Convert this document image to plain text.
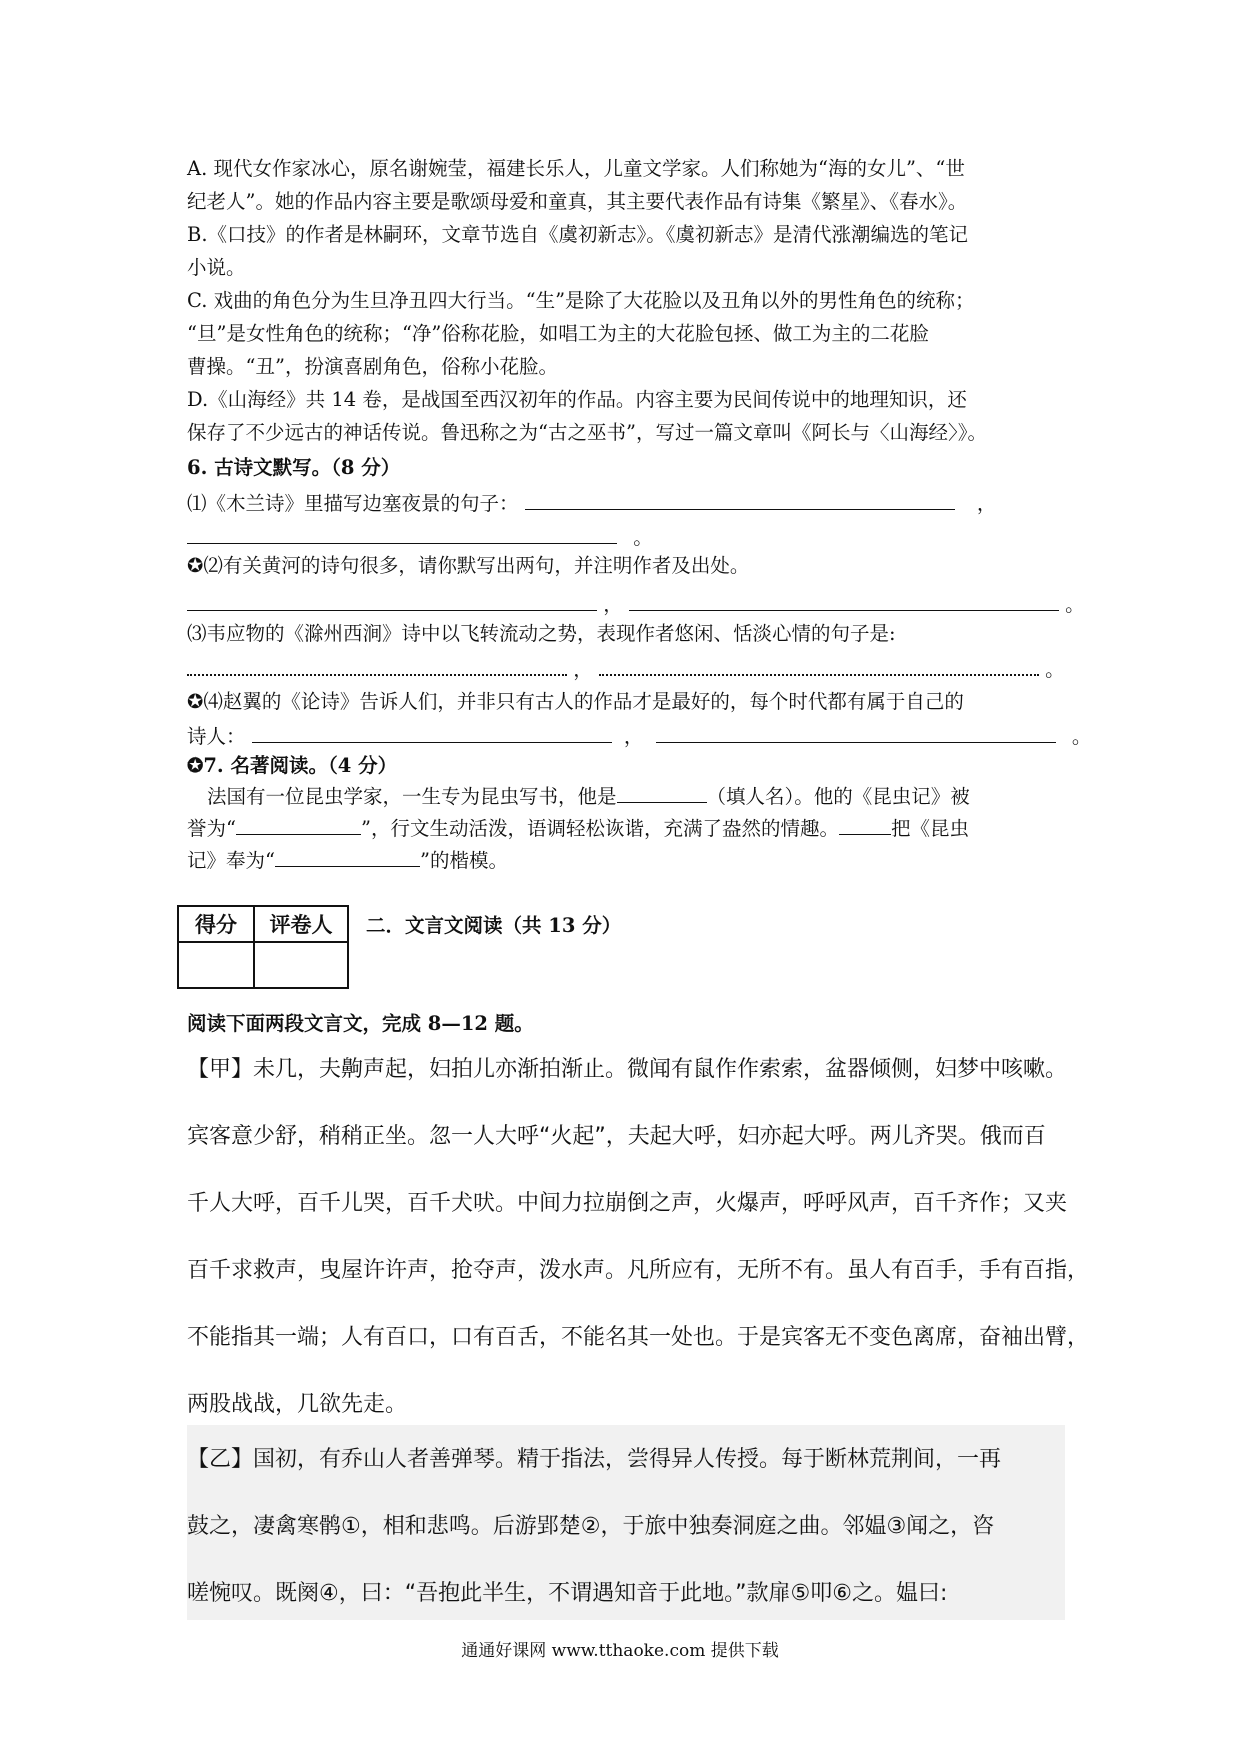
A. 现代女作家冰心，原名谢婉莹，福建长乐人，儿童文学家。人们称她为“海的女儿”、“世
纪老人”。她的作品内容主要是歌颂母爱和童真，其主要代表作品有诗集《繁星》、《春水》。
B.《口技》的作者是林嗣环，文章节选自《虞初新志》。《虞初新志》是清代涨潮编选的笔记
小说。
C. 戏曲的角色分为生旦净丑四大行当。“生”是除了大花脸以及丑角以外的男性角色的统称；
“旦”是女性角色的统称；“净”俗称花脸，如唱工为主的大花脸包拯、做工为主的二花脸
曹操。“丑”，扮演喜剧角色，俗称小花脸。
D.《山海经》共 14 卷，是战国至西汉初年的作品。内容主要为民间传说中的地理知识，还
保存了不少远古的神话传说。鲁迅称之为“古之巫书”，写过一篇文章叫《阿长与〈山海经〉》。
6. 古诗文默写。（8 分）
⑴《木兰诗》里描写边塞夜景的句子：	，
。
✪⑵有关黄河的诗句很多，请你默写出两句，并注明作者及出处。
，	。
⑶韦应物的《滁州西涧》诗中以飞转流动之势，表现作者悠闲、恬淡心情的句子是:
，	。
✪⑷赵翼的《论诗》告诉人们，并非只有古人的作品才是最好的，每个时代都有属于自己的
诗人：	，	。
✪7. 名著阅读。（4 分）
法国有一位昆虫学家，一生专为昆虫写书，他是	（填人名）。他的《昆虫记》被
誉为“	”，行文生动活泼，语调轻松诙谐，充满了盎然的情趣。	把《昆虫
记》奉为“	”的楷模。
得分	评卷人
	二．文言文阅读（共 13 分）
阅读下面两段文言文，完成 8—12 题。
【甲】未几，夫齁声起，妇拍儿亦渐拍渐止。微闻有鼠作作索索，盆器倾侧，妇梦中咳嗽。
宾客意少舒，稍稍正坐。忽一人大呼“火起”，夫起大呼，妇亦起大呼。两儿齐哭。俄而百
千人大呼，百千儿哭，百千犬吠。中间力拉崩倒之声，火爆声，呼呼风声，百千齐作；又夹
百千求救声，曳屋许许声，抢夺声，泼水声。凡所应有，无所不有。虽人有百手，手有百指，
不能指其一端；人有百口，口有百舌，不能名其一处也。于是宾客无不变色离席，奋袖出臂，
两股战战，几欲先走。
【乙】国初，有乔山人者善弹琴。精于指法，尝得异人传授。每于断林荒荆间，一再
鼓之，凄禽寒鹘①，相和悲鸣。后游郢楚②，于旅中独奏洞庭之曲。邻媪③闻之，咨
嗟惋叹。既阕④，曰：“吾抱此半生，不谓遇知音于此地。”款扉⑤叩⑥之。媪曰:
通通好课网 www.tthaoke.com 提供下载
